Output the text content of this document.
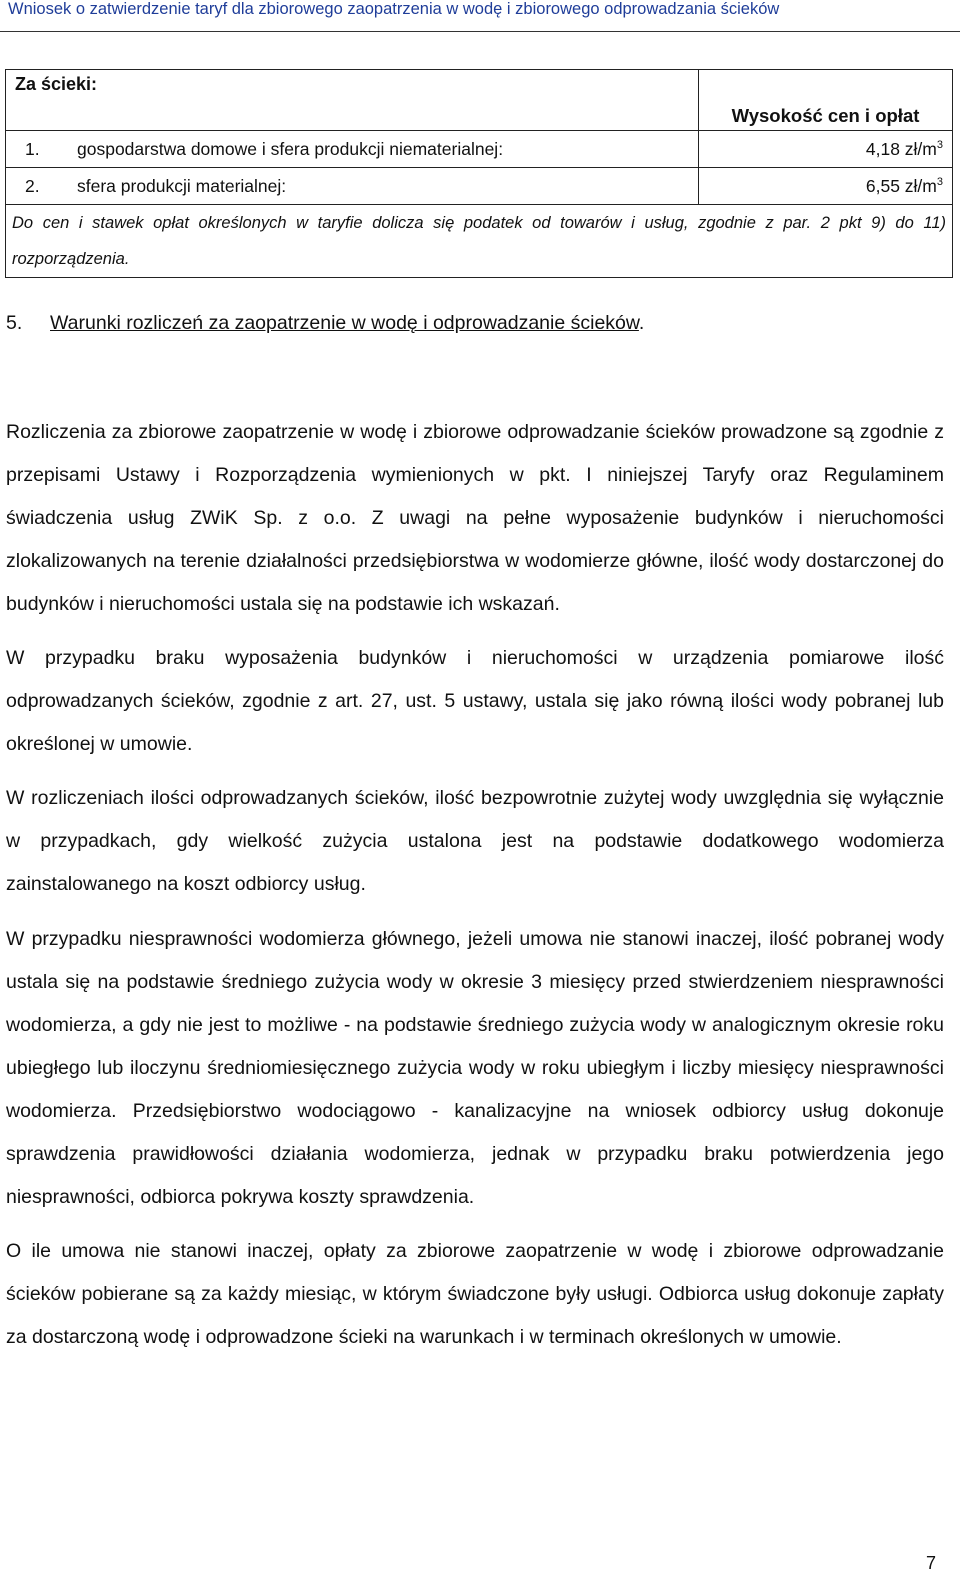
Wniosek o zatwierdzenie taryf dla zbiorowego zaopatrzenia w wodę i zbiorowego odprowadzania ścieków
Za ścieki:	Wysokość cen i opłat
1. gospodarstwa domowe i sfera produkcji niematerialnej:	4,18 $zł/m^3$
2. sfera produkcji materialnej:	6,55 $zł/m^3$
Do cen i stawek opłat określonych w taryfie dolicza się podatek od towarów i usług, zgodnie z par. 2 pkt 9) do 11) rozporządzenia.	
5. Warunki rozliczeń za zaopatrzenie w wodę i odprowadzanie ścieków.

Rozliczenia za zbiorowe zaopatrzenie w wodę i zbiorowe odprowadzanie ścieków prowadzone są zgodnie z przepisami Ustawy i Rozporządzenia wymienionych w pkt. I niniejszej Taryfy oraz Regulaminem świadczenia usług ZWiK Sp. z o.o. Z uwagi na pełne wyposażenie budynków i nieruchomości zlokalizowanych na terenie działalności przedsiębiorstwa w wodomierze główne, ilość wody dostarczonej do budynków i nieruchomości ustala się na podstawie ich wskazań.

W przypadku braku wyposażenia budynków i nieruchomości w urządzenia pomiarowe ilość odprowadzanych ścieków, zgodnie z art. 27, ust. 5 ustawy, ustala się jako równą ilości wody pobranej lub określonej w umowie.

W rozliczeniach ilości odprowadzanych ścieków, ilość bezpowrotnie zużytej wody uwzględnia się wyłącznie w przypadkach, gdy wielkość zużycia ustalona jest na podstawie dodatkowego wodomierza zainstalowanego na koszt odbiorcy usług.

W przypadku niesprawności wodomierza głównego, jeżeli umowa nie stanowi inaczej, ilość pobranej wody ustala się na podstawie średniego zużycia wody w okresie 3 miesięcy przed stwierdzeniem niesprawności wodomierza, a gdy nie jest to możliwe - na podstawie średniego zużycia wody w analogicznym okresie roku ubiegłego lub iloczynu średniomiesięcznego zużycia wody w roku ubiegłym i liczby miesięcy niesprawności wodomierza. Przedsiębiorstwo wodociągowo - kanalizacyjne na wniosek odbiorcy usług dokonuje sprawdzenia prawidłowości działania wodomierza, jednak w przypadku braku potwierdzenia jego niesprawności, odbiorca pokrywa koszty sprawdzenia.

O ile umowa nie stanowi inaczej, opłaty za zbiorowe zaopatrzenie w wodę i zbiorowe odprowadzanie ścieków pobierane są za każdy miesiąc, w którym świadczone były usługi. Odbiorca usług dokonuje zapłaty za dostarczoną wodę i odprowadzone ścieki na warunkach i w terminach określonych w umowie.

7
